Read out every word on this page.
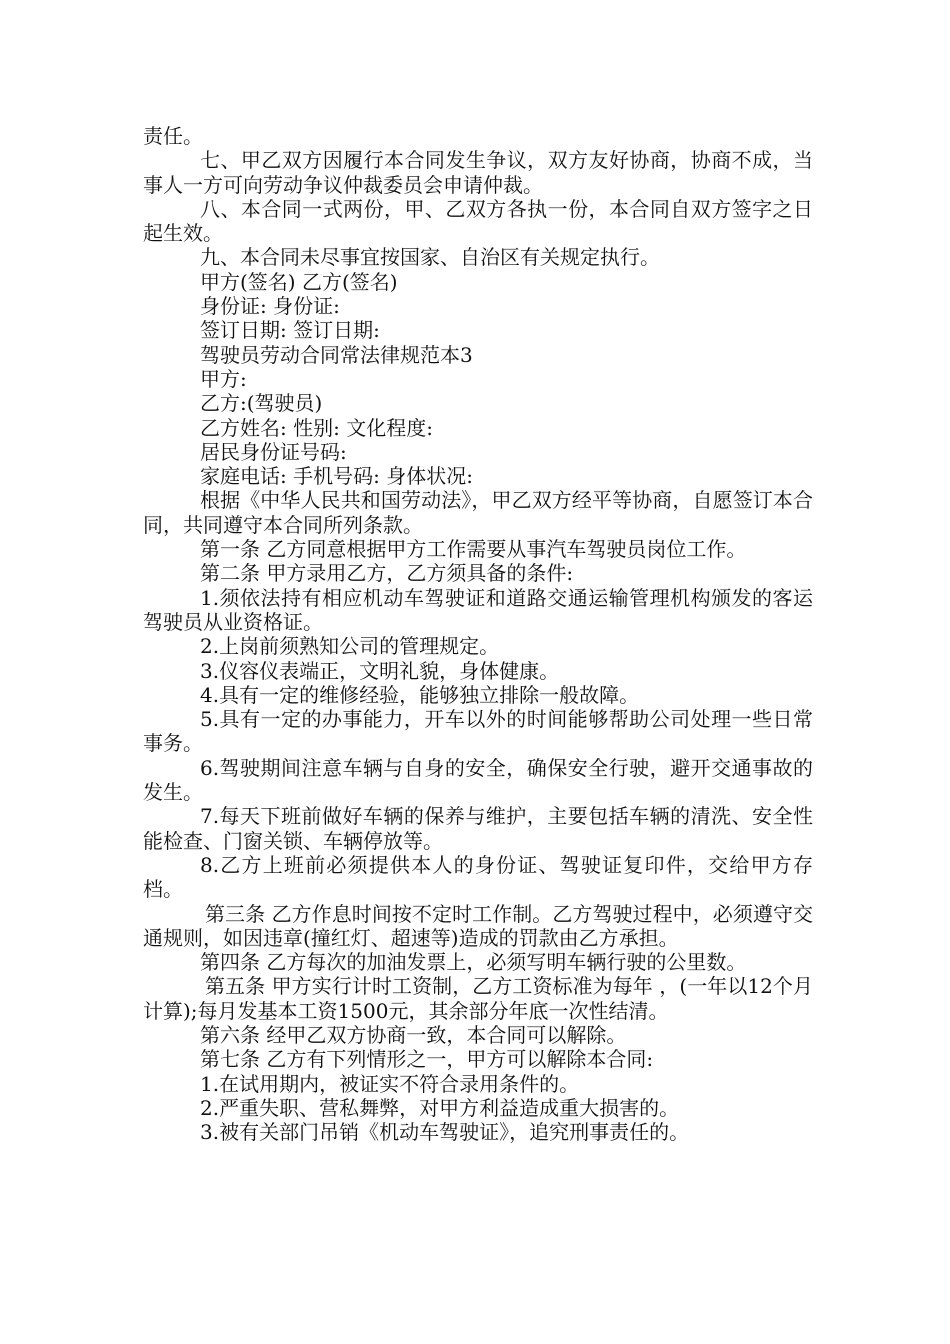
责任。

七、甲乙双方因履行本合同发生争议，双方友好协商，协商不成，当事人一方可向劳动争议仲裁委员会申请仲裁。

八、本合同一式两份，甲、乙双方各执一份，本合同自双方签字之日起生效。

九、本合同未尽事宜按国家、自治区有关规定执行。

甲方(签名) 乙方(签名)

身份证: 身份证:

签订日期: 签订日期:

驾驶员劳动合同常法律规范本3

甲方:

乙方:(驾驶员)

乙方姓名: 性别: 文化程度:

居民身份证号码:

家庭电话: 手机号码: 身体状况:

根据《中华人民共和国劳动法》，甲乙双方经平等协商，自愿签订本合同，共同遵守本合同所列条款。

第一条 乙方同意根据甲方工作需要从事汽车驾驶员岗位工作。

第二条 甲方录用乙方，乙方须具备的条件:

1.须依法持有相应机动车驾驶证和道路交通运输管理机构颁发的客运驾驶员从业资格证。

2.上岗前须熟知公司的管理规定。

3.仪容仪表端正，文明礼貌，身体健康。

4.具有一定的维修经验，能够独立排除一般故障。

5.具有一定的办事能力，开车以外的时间能够帮助公司处理一些日常事务。

6.驾驶期间注意车辆与自身的安全，确保安全行驶，避开交通事故的发生。

7.每天下班前做好车辆的保养与维护，主要包括车辆的清洗、安全性能检查、门窗关锁、车辆停放等。

8.乙方上班前必须提供本人的身份证、驾驶证复印件，交给甲方存档。

第三条 乙方作息时间按不定时工作制。乙方驾驶过程中，必须遵守交通规则，如因违章(撞红灯、超速等)造成的罚款由乙方承担。

第四条 乙方每次的加油发票上，必须写明车辆行驶的公里数。

第五条 甲方实行计时工资制，乙方工资标准为每年 ，(一年以12个月计算);每月发基本工资1500元，其余部分年底一次性结清。

第六条 经甲乙双方协商一致，本合同可以解除。

第七条 乙方有下列情形之一，甲方可以解除本合同:

1.在试用期内，被证实不符合录用条件的。

2.严重失职、营私舞弊，对甲方利益造成重大损害的。

3.被有关部门吊销《机动车驾驶证》，追究刑事责任的。
